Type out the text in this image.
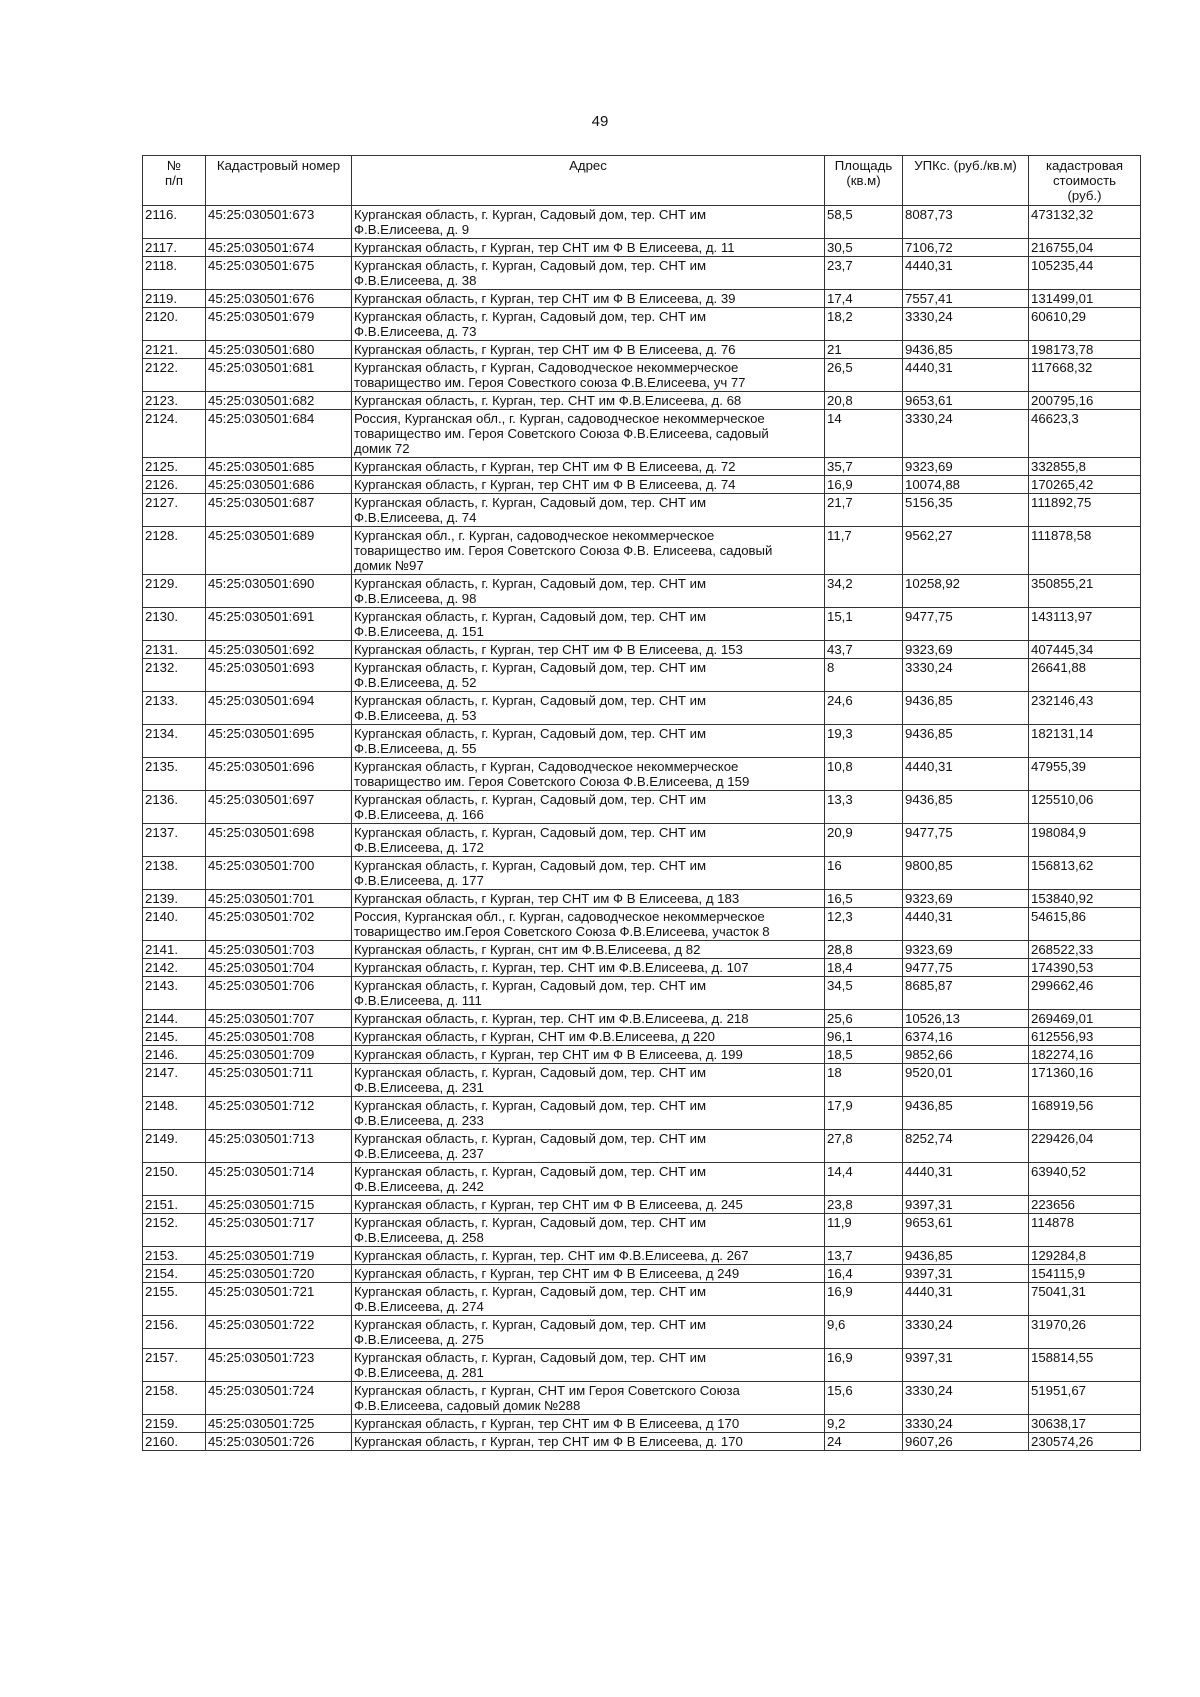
49
№
п/п	Кадастровый номер	Адрес	Площадь
(кв.м)	УПКс. (руб./кв.м)	кадастровая
стоимость
(руб.)
2116.	45:25:030501:673	Курганская область, г. Курган, Садовый дом, тер. СНТ им
Ф.В.Елисеева, д. 9	58,5	8087,73	473132,32
2117.	45:25:030501:674	Курганская область, г Курган, тер СНТ им Ф В Елисеева, д. 11	30,5	7106,72	216755,04
2118.	45:25:030501:675	Курганская область, г. Курган, Садовый дом, тер. СНТ им
Ф.В.Елисеева, д. 38	23,7	4440,31	105235,44
2119.	45:25:030501:676	Курганская область, г Курган, тер СНТ им Ф В Елисеева, д. 39	17,4	7557,41	131499,01
2120.	45:25:030501:679	Курганская область, г. Курган, Садовый дом, тер. СНТ им
Ф.В.Елисеева, д. 73	18,2	3330,24	60610,29
2121.	45:25:030501:680	Курганская область, г Курган, тер СНТ им Ф В Елисеева, д. 76	21	9436,85	198173,78
2122.	45:25:030501:681	Курганская область, г Курган, Садоводческое некоммерческое
товарищество им. Героя Совесткого союза Ф.В.Елисеева, уч 77	26,5	4440,31	117668,32
2123.	45:25:030501:682	Курганская область, г. Курган, тер. СНТ им Ф.В.Елисеева, д. 68	20,8	9653,61	200795,16
2124.	45:25:030501:684	Россия, Курганская обл., г. Курган, садоводческое некоммерческое
товарищество им. Героя Советского Союза Ф.В.Елисеева, садовый
домик 72	14	3330,24	46623,3
2125.	45:25:030501:685	Курганская область, г Курган, тер СНТ им Ф В Елисеева, д. 72	35,7	9323,69	332855,8
2126.	45:25:030501:686	Курганская область, г Курган, тер СНТ им Ф В Елисеева, д. 74	16,9	10074,88	170265,42
2127.	45:25:030501:687	Курганская область, г. Курган, Садовый дом, тер. СНТ им
Ф.В.Елисеева, д. 74	21,7	5156,35	111892,75
2128.	45:25:030501:689	Курганская обл., г. Курган, садоводческое некоммерческое
товарищество им. Героя Советского Союза Ф.В. Елисеева, садовый
домик №97	11,7	9562,27	111878,58
2129.	45:25:030501:690	Курганская область, г. Курган, Садовый дом, тер. СНТ им
Ф.В.Елисеева, д. 98	34,2	10258,92	350855,21
2130.	45:25:030501:691	Курганская область, г. Курган, Садовый дом, тер. СНТ им
Ф.В.Елисеева, д. 151	15,1	9477,75	143113,97
2131.	45:25:030501:692	Курганская область, г Курган, тер СНТ им Ф В Елисеева, д. 153	43,7	9323,69	407445,34
2132.	45:25:030501:693	Курганская область, г. Курган, Садовый дом, тер. СНТ им
Ф.В.Елисеева, д. 52	8	3330,24	26641,88
2133.	45:25:030501:694	Курганская область, г. Курган, Садовый дом, тер. СНТ им
Ф.В.Елисеева, д. 53	24,6	9436,85	232146,43
2134.	45:25:030501:695	Курганская область, г. Курган, Садовый дом, тер. СНТ им
Ф.В.Елисеева, д. 55	19,3	9436,85	182131,14
2135.	45:25:030501:696	Курганская область, г Курган, Садоводческое некоммерческое
товарищество им. Героя Советского Союза Ф.В.Елисеева, д 159	10,8	4440,31	47955,39
2136.	45:25:030501:697	Курганская область, г. Курган, Садовый дом, тер. СНТ им
Ф.В.Елисеева, д. 166	13,3	9436,85	125510,06
2137.	45:25:030501:698	Курганская область, г. Курган, Садовый дом, тер. СНТ им
Ф.В.Елисеева, д. 172	20,9	9477,75	198084,9
2138.	45:25:030501:700	Курганская область, г. Курган, Садовый дом, тер. СНТ им
Ф.В.Елисеева, д. 177	16	9800,85	156813,62
2139.	45:25:030501:701	Курганская область, г Курган, тер СНТ им Ф В Елисеева, д 183	16,5	9323,69	153840,92
2140.	45:25:030501:702	Россия, Курганская обл., г. Курган, садоводческое некоммерческое
товарищество им.Героя Советского Союза Ф.В.Елисеева, участок 8	12,3	4440,31	54615,86
2141.	45:25:030501:703	Курганская область, г Курган, снт им Ф.В.Елисеева, д 82	28,8	9323,69	268522,33
2142.	45:25:030501:704	Курганская область, г. Курган, тер. СНТ им Ф.В.Елисеева, д. 107	18,4	9477,75	174390,53
2143.	45:25:030501:706	Курганская область, г. Курган, Садовый дом, тер. СНТ им
Ф.В.Елисеева, д. 111	34,5	8685,87	299662,46
2144.	45:25:030501:707	Курганская область, г. Курган, тер. СНТ им Ф.В.Елисеева, д. 218	25,6	10526,13	269469,01
2145.	45:25:030501:708	Курганская область, г Курган, СНТ им Ф.В.Елисеева, д 220	96,1	6374,16	612556,93
2146.	45:25:030501:709	Курганская область, г Курган, тер СНТ им Ф В Елисеева, д. 199	18,5	9852,66	182274,16
2147.	45:25:030501:711	Курганская область, г. Курган, Садовый дом, тер. СНТ им
Ф.В.Елисеева, д. 231	18	9520,01	171360,16
2148.	45:25:030501:712	Курганская область, г. Курган, Садовый дом, тер. СНТ им
Ф.В.Елисеева, д. 233	17,9	9436,85	168919,56
2149.	45:25:030501:713	Курганская область, г. Курган, Садовый дом, тер. СНТ им
Ф.В.Елисеева, д. 237	27,8	8252,74	229426,04
2150.	45:25:030501:714	Курганская область, г. Курган, Садовый дом, тер. СНТ им
Ф.В.Елисеева, д. 242	14,4	4440,31	63940,52
2151.	45:25:030501:715	Курганская область, г Курган, тер СНТ им Ф В Елисеева, д. 245	23,8	9397,31	223656
2152.	45:25:030501:717	Курганская область, г. Курган, Садовый дом, тер. СНТ им
Ф.В.Елисеева, д. 258	11,9	9653,61	114878
2153.	45:25:030501:719	Курганская область, г. Курган, тер. СНТ им Ф.В.Елисеева, д. 267	13,7	9436,85	129284,8
2154.	45:25:030501:720	Курганская область, г Курган, тер СНТ им Ф В Елисеева, д 249	16,4	9397,31	154115,9
2155.	45:25:030501:721	Курганская область, г. Курган, Садовый дом, тер. СНТ им
Ф.В.Елисеева, д. 274	16,9	4440,31	75041,31
2156.	45:25:030501:722	Курганская область, г. Курган, Садовый дом, тер. СНТ им
Ф.В.Елисеева, д. 275	9,6	3330,24	31970,26
2157.	45:25:030501:723	Курганская область, г. Курган, Садовый дом, тер. СНТ им
Ф.В.Елисеева, д. 281	16,9	9397,31	158814,55
2158.	45:25:030501:724	Курганская область, г Курган, СНТ им Героя Советского Союза
Ф.В.Елисеева, садовый домик №288	15,6	3330,24	51951,67
2159.	45:25:030501:725	Курганская область, г Курган, тер СНТ им Ф В Елисеева, д 170	9,2	3330,24	30638,17
2160.	45:25:030501:726	Курганская область, г Курган, тер СНТ им Ф В Елисеева, д. 170	24	9607,26	230574,26
